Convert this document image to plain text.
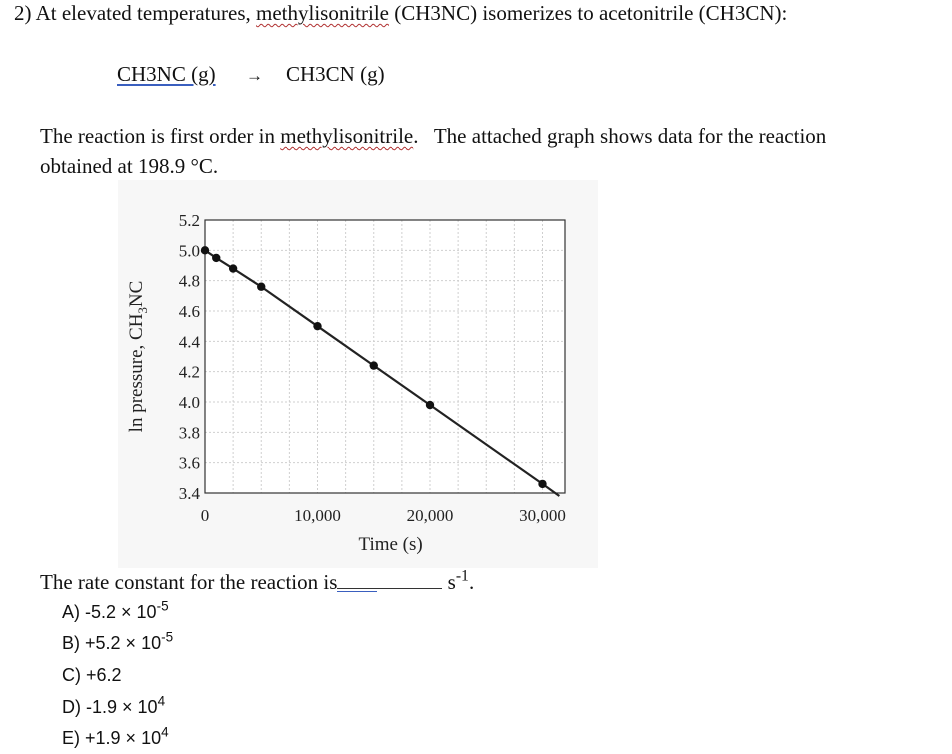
2) At elevated temperatures, methylisonitrile (CH3NC) isomerizes to acetonitrile (CH3CN):
CH3NC (g) → CH3CN (g)
The reaction is first order in methylisonitrile.   The attached graph shows data for the reaction
obtained at 198.9 °C.
5.2
5.0
4.8
4.6
4.4
4.2
4.0
3.8
3.6
3.4
0	10,000	20,000	30,000
Time (s)
ln pressure, $CH_3NC$
The rate constant for the reaction is	$s^{-1}$.
A) $-5.2 \times 10^{-5}$
$B) +5.2 \times 10^{-5}$
C) +6.2
D) $-1.9 \times 10^4$
$E) +1.9 \times 10^4$
